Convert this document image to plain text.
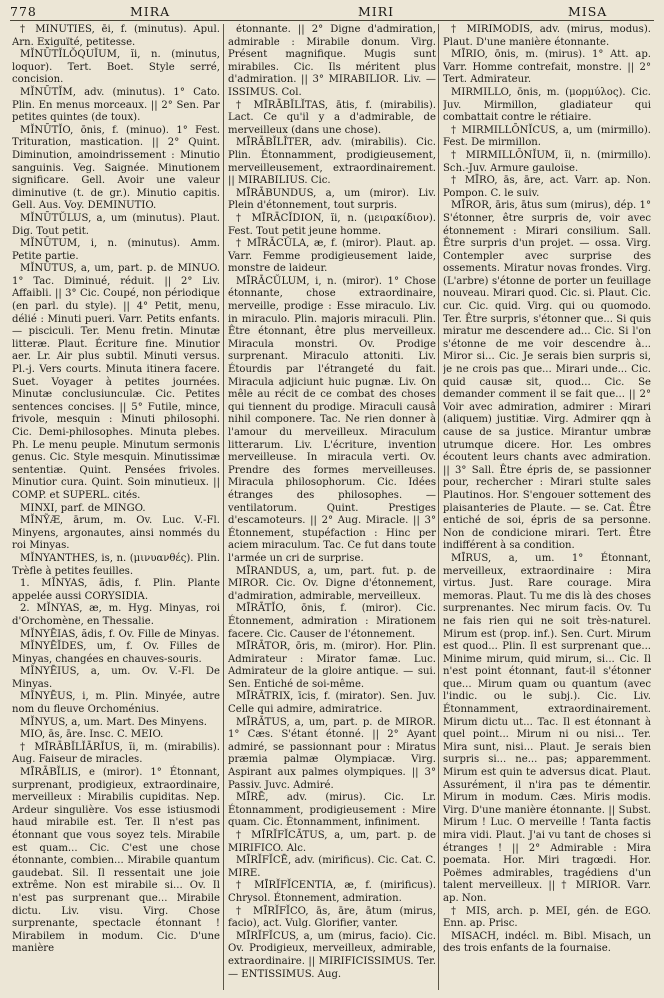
778	MIRA	MIRI	MISA

† MĬNŪTĬES, ēi, f. (minutus). Apul. Arn. Exiguïté, petitesse.

MĬNŪTĬLŎQUĬUM, ĭi, n. (minutus, loquor). Tert. Boet. Style serré, concision.

MĬNŪTĬM, adv. (minutus). 1° Cato. Plin. En menus morceaux. || 2° Sen. Par petites quintes (de toux).

MĬNŪTĬO, ōnis, f. (minuo). 1° Fest. Trituration, mastication. || 2° Quint. Diminution, amoindrissement : Minutio sanguinis. Veg. Saignée. Minutionem significare. Gell. Avoir une valeur diminutive (t. de gr.). Minutio capitis. Gell. Aus. Voy. DEMINUTIO.

MĬNŪTŬLUS, a, um (minutus). Plaut. Dig. Tout petit.

MĬNŪTUM, i, n. (minutus). Amm. Petite partie.

MĬNŪTUS, a, um, part. p. de MINUO. 1° Tac. Diminué, réduit. || 2° Liv. Affaibli. || 3° Cic. Coupé, non périodique (en parl. du style). || 4° Petit, menu, délié : Minuti pueri. Varr. Petits enfants. — pisciculi. Ter. Menu fretin. Minutæ litteræ. Plaut. Écriture fine. Minutior aer. Lr. Air plus subtil. Minuti versus. Pl.-j. Vers courts. Minuta itinera facere. Suet. Voyager à petites journées. Minutæ conclusiunculæ. Cic. Petites sentences concises. || 5° Futile, mince, frivole, mesquin : Minuti philosophi. Cic. Demi-philosophes. Minuta plebes. Ph. Le menu peuple. Minutum sermonis genus. Cic. Style mesquin. Minutissimæ sententiæ. Quint. Pensées frivoles. Minutior cura. Quint. Soin minutieux. || COMP. et SUPERL. cités.

MINXI, parf. de MINGO.

MĬNỸÆ, ārum, m. Ov. Luc. V.-Fl. Minyens, argonautes, ainsi nommés du roi Minyas.

MĬNYANTHES, is, n. (μινυανθές). Plin. Trèfle à petites feuilles.

1. MĬNYAS, ădis, f. Plin. Plante appelée aussi CORYSIDIA.

2. MĬNYAS, æ, m. Hyg. Minyas, roi d'Orchomène, en Thessalie.

MĬNYĒIAS, ădis, f. Ov. Fille de Minyas.

MĬNYĒĬDES, um, f. Ov. Filles de Minyas, changées en chauves-souris.

MĬNYĒIUS, a, um. Ov. V.-Fl. De Minyas.

MĬNYĒUS, i, m. Plin. Minyée, autre nom du fleuve Orchoménius.

MĬNYUS, a, um. Mart. Des Minyens.

MIO, ās, āre. Insc. C. MEIO.

† MĪRĀBĬLĬĀRĬUS, ĭi, m. (mirabilis). Aug. Faiseur de miracles.

MĪRĀBĬLIS, e (miror). 1° Étonnant, surprenant, prodigieux, extraordinaire, merveilleux : Mirabilis cupiditas. Nep. Ardeur singulière. Vos esse istiusmodi haud mirabile est. Ter. Il n'est pas étonnant que vous soyez tels. Mirabile est quam... Cic. C'est une chose étonnante, combien... Mirabile quantum gaudebat. Sil. Il ressentait une joie extrême. Non est mirabile si... Ov. Il n'est pas surprenant que... Mirabile dictu. Liv. visu. Virg. Chose surprenante, spectacle étonnant ! Mirabilem in modum. Cic. D'une manière

étonnante. || 2° Digne d'admiration, admirable : Mirabile donum. Virg. Présent magnifique. Mugis sunt mirabiles. Cic. Ils méritent plus d'admiration. || 3° MIRABILIOR. Liv. — ISSIMUS. Col.

† MĪRĀBĬLĬTAS, ātis, f. (mirabilis). Lact. Ce qu'il y a d'admirable, de merveilleux (dans une chose).

MĪRĀBĬLĬTER, adv. (mirabilis). Cic. Plin. Étonnamment, prodigieusement, merveilleusement, extraordinairement. || MIRABILIUS. Cic.

MĪRĀBUNDUS, a, um (miror). Liv. Plein d'étonnement, tout surpris.

† MĪRĀCĬDION, ĭi, n. (μειρακίδιον). Fest. Tout petit jeune homme.

† MĪRĀCŬLA, æ, f. (miror). Plaut. ap. Varr. Femme prodigieusement laide, monstre de laideur.

MĪRĀCŬLUM, i, n. (miror). 1° Chose étonnante, chose extraordinaire, merveille, prodige : Esse miraculo. Liv. in miraculo. Plin. majoris miraculi. Plin. Être étonnant, être plus merveilleux. Miracula monstri. Ov. Prodige surprenant. Miraculo attoniti. Liv. Étourdis par l'étrangeté du fait. Miracula adjiciunt huic pugnæ. Liv. On mêle au récit de ce combat des choses qui tiennent du prodige. Miraculi causâ nihil componere. Tac. Ne rien donner à l'amour du merveilleux. Miraculum litterarum. Liv. L'écriture, invention merveilleuse. In miracula verti. Ov. Prendre des formes merveilleuses. Miracula philosophorum. Cic. Idées étranges des philosophes. — ventilatorum. Quint. Prestiges d'escamoteurs. || 2° Aug. Miracle. || 3° Étonnement, stupéfaction : Hinc per aciem miraculum. Tac. Ce fut dans toute l'armée un cri de surprise.

MĪRANDUS, a, um, part. fut. p. de MIROR. Cic. Ov. Digne d'étonnement, d'admiration, admirable, merveilleux.

MĪRĀTĬO, ōnis, f. (miror). Cic. Étonnement, admiration : Mirationem facere. Cic. Causer de l'étonnement.

MĪRĀTOR, ōris, m. (miror). Hor. Plin. Admirateur : Mirator famæ. Luc. Admirateur de la gloire antique. — sui. Sen. Entiché de soi-même.

MĪRĀTRIX, īcis, f. (mirator). Sen. Juv. Celle qui admire, admiratrice.

MĪRĀTUS, a, um, part. p. de MIROR. 1° Cæs. S'étant étonné. || 2° Ayant admiré, se passionnant pour : Miratus præmia palmæ Olympiacæ. Virg. Aspirant aux palmes olympiques. || 3° Passiv. Juvc. Admiré.

MĪRĒ, adv. (mirus). Cic. Lr. Étonnamment, prodigieusement : Mire quam. Cic. Étonnamment, infiniment.

† MĪRĬFĬCĀTUS, a, um, part. p. de MIRIFICO. Alc.

MĪRĬFĬCĒ, adv. (mirificus). Cic. Cat. C. MIRE.

† MĪRĬFĬCENTIA, æ, f. (mirificus). Chrysol. Étonnement, admiration.

† MĪRĬFĬCO, ās, āre, ātum (mirus, facio), act. Vulg. Glorifier, vanter.

MĪRĬFĬCUS, a, um (mirus, facio). Cic. Ov. Prodigieux, merveilleux, admirable, extraordinaire. || MIRIFICISSIMUS. Ter. — ENTISSIMUS. Aug.

† MĪRĬMŌDIS, adv. (mirus, modus). Plaut. D'une manière étonnante.

MĪRIO, ōnis, m. (mirus). 1° Att. ap. Varr. Homme contrefait, monstre. || 2° Tert. Admirateur.

MIRMILLO, ōnis, m. (μορμύλος). Cic. Juv. Mirmillon, gladiateur qui combattait contre le rétiaire.

† MIRMILLŌNĬCUS, a, um (mirmillo). Fest. De mirmillon.

† MIRMILLŌNĬUM, ĭi, n. (mirmillo). Sch.-Juv. Armure gauloise.

† MĪRO, ās, āre, act. Varr. ap. Non. Pompon. C. le suiv.

MĪROR, āris, ātus sum (mirus), dép. 1° S'étonner, être surpris de, voir avec étonnement : Mirari consilium. Sall. Être surpris d'un projet. — ossa. Virg. Contempler avec surprise des ossements. Miratur novas frondes. Virg. (L'arbre) s'étonne de porter un feuillage nouveau. Mirari quod. Cic. si. Plaut. Cic. cur. Cic. quid. Virg. qui ou quomodo. Ter. Être surpris, s'étonner que... Si quis miratur me descendere ad... Cic. Si l'on s'étonne de me voir descendre à... Miror si... Cic. Je serais bien surpris si, je ne crois pas que... Mirari unde... Cic. quid causæ sit, quod... Cic. Se demander comment il se fait que... || 2° Voir avec admiration, admirer : Mirari (aliquem) justitiæ. Virg. Admirer qqn à cause de sa justice. Mirantur umbræ utrumque dicere. Hor. Les ombres écoutent leurs chants avec admiration. || 3° Sall. Être épris de, se passionner pour, rechercher : Mirari stulte sales Plautinos. Hor. S'engouer sottement des plaisanteries de Plaute. — se. Cat. Être entiché de soi, épris de sa personne. Non de condicione mirari. Tert. Être indifférent à sa condition.

MĪRUS, a, um. 1° Étonnant, merveilleux, extraordinaire : Mira virtus. Just. Rare courage. Mira memoras. Plaut. Tu me dis là des choses surprenantes. Nec mirum facis. Ov. Tu ne fais rien qui ne soit très-naturel. Mirum est (prop. inf.). Sen. Curt. Mirum est quod... Plin. Il est surprenant que... Minime mirum, quid mirum, si... Cic. Il n'est point étonnant, faut-il s'étonner que... Mirum quam ou quantum (avec l'indic. ou le subj.). Cic. Liv. Étonnamment, extraordinairement. Mirum dictu ut... Tac. Il est étonnant à quel point... Mirum ni ou nisi... Ter. Mira sunt, nisi... Plaut. Je serais bien surpris si... ne... pas; apparemment. Mirum est quin te adversus dicat. Plaut. Assurément, il n'ira pas te démentir. Mirum in modum. Cæs. Miris modis. Virg. D'une manière étonnante. || Subst. Mirum ! Luc. O merveille ! Tanta factis mira vidi. Plaut. J'ai vu tant de choses si étranges ! || 2° Admirable : Mira poemata. Hor. Miri tragœdi. Hor. Poëmes admirables, tragédiens d'un talent merveilleux. || † MIRIOR. Varr. ap. Non.

† MIS, arch. p. MEI, gén. de EGO. Enn. ap. Prisc.

MISACH, indécl. m. Bibl. Misach, un des trois enfants de la fournaise.
